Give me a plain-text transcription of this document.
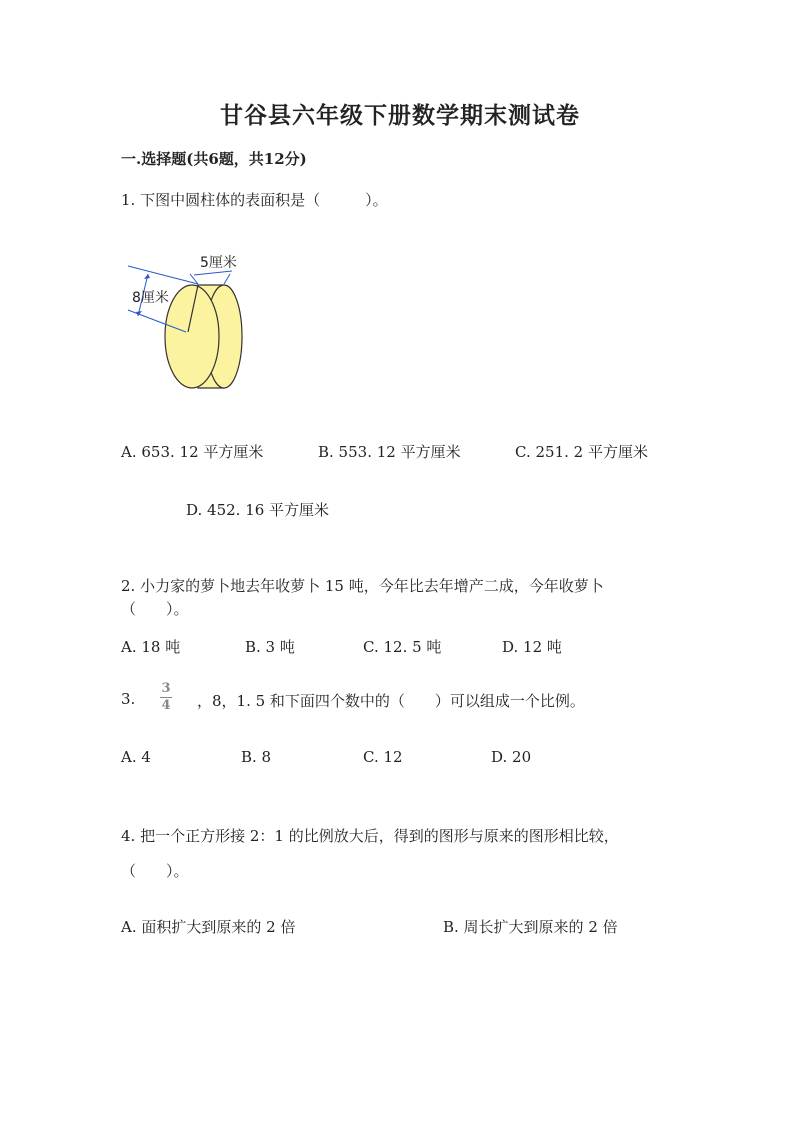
甘谷县六年级下册数学期末测试卷
一.选择题(共6题，共12分)
1. 下图中圆柱体的表面积是（　　　）。
5厘米
8厘米
A. 653. 12 平方厘米	B. 553. 12 平方厘米	C. 251. 2 平方厘米
D. 452. 16 平方厘米
2. 小力家的萝卜地去年收萝卜 15 吨，今年比去年增产二成，今年收萝卜
（　　）。
A. 18 吨	B. 3 吨	C. 12. 5 吨	D. 12 吨
3.
3
4 ，8，1. 5 和下面四个数中的（　　）可以组成一个比例。
A. 4	B. 8	C. 12	D. 20
4. 把一个正方形接 2：1 的比例放大后，得到的图形与原来的图形相比较，
（　　）。
A. 面积扩大到原来的 2 倍	B. 周长扩大到原来的 2 倍
